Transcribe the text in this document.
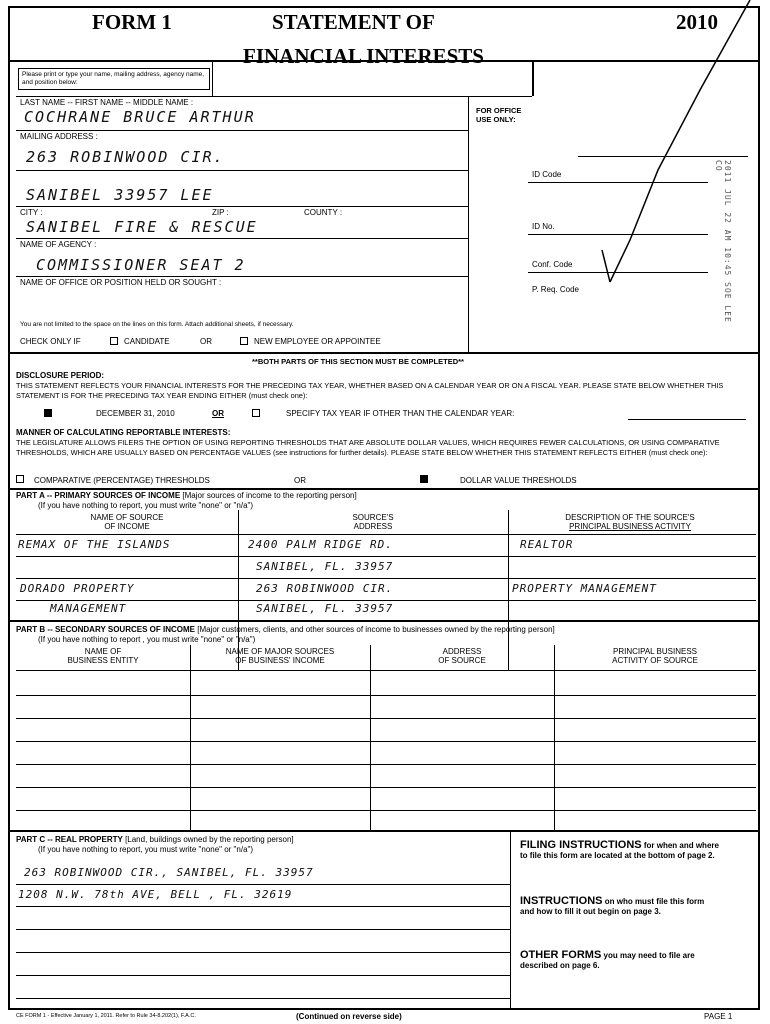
FORM 1	STATEMENT OF	2010
FINANCIAL INTERESTS
Please print or type your name, mailing address, agency name, and position below:
LAST NAME -- FIRST NAME -- MIDDLE NAME :
COCHRANE BRUCE ARTHUR
MAILING ADDRESS :
263 ROBINWOOD CIR.
SANIBEL 33957 LEE
CITY :	ZIP :	COUNTY :
SANIBEL FIRE & RESCUE
NAME OF AGENCY :
COMMISSIONER SEAT 2
NAME OF OFFICE OR POSITION HELD OR SOUGHT :
You are not limited to the space on the lines on this form. Attach additional sheets, if necessary.
CHECK ONLY IF	CANDIDATE	OR	NEW EMPLOYEE OR APPOINTEE
FOR OFFICE USE ONLY:
ID Code
ID No.
Conf. Code
P. Req. Code	2011 JUL 22 AM 10:45 SOE LEE CO
**BOTH PARTS OF THIS SECTION MUST BE COMPLETED**
DISCLOSURE PERIOD:
THIS STATEMENT REFLECTS YOUR FINANCIAL INTERESTS FOR THE PRECEDING TAX YEAR, WHETHER BASED ON A CALENDAR YEAR OR ON A FISCAL YEAR. PLEASE STATE BELOW WHETHER THIS STATEMENT IS FOR THE PRECEDING TAX YEAR ENDING EITHER (must check one):
DECEMBER 31, 2010	OR	SPECIFY TAX YEAR IF OTHER THAN THE CALENDAR YEAR:
MANNER OF CALCULATING REPORTABLE INTERESTS:
THE LEGISLATURE ALLOWS FILERS THE OPTION OF USING REPORTING THRESHOLDS THAT ARE ABSOLUTE DOLLAR VALUES, WHICH REQUIRES FEWER CALCULATIONS, OR USING COMPARATIVE THRESHOLDS, WHICH ARE USUALLY BASED ON PERCENTAGE VALUES (see instructions for further details). PLEASE STATE BELOW WHETHER THIS STATEMENT REFLECTS EITHER (must check one):
COMPARATIVE (PERCENTAGE) THRESHOLDS	OR	DOLLAR VALUE THRESHOLDS
PART A -- PRIMARY SOURCES OF INCOME [Major sources of income to the reporting person]
(If you have nothing to report, you must write "none" or "n/a")
NAME OF SOURCE
OF INCOME
SOURCE'S
ADDRESS
DESCRIPTION OF THE SOURCE'S
PRINCIPAL BUSINESS ACTIVITY
REMAX OF THE ISLANDS	2400 PALM RIDGE RD.	REALTOR
SANIBEL, FL. 33957
DORADO PROPERTY	263 ROBINWOOD CIR.	PROPERTY MANAGEMENT
MANAGEMENT	SANIBEL, FL. 33957
PART B -- SECONDARY SOURCES OF INCOME [Major customers, clients, and other sources of income to businesses owned by the reporting person]
(If you have nothing to report , you must write "none" or "n/a")
NAME OF
BUSINESS ENTITY
NAME OF MAJOR SOURCES
OF BUSINESS' INCOME
ADDRESS
OF SOURCE
PRINCIPAL BUSINESS
ACTIVITY OF SOURCE
PART C -- REAL PROPERTY [Land, buildings owned by the reporting person]
(If you have nothing to report, you must write "none" or "n/a")
263 ROBINWOOD CIR., SANIBEL, FL. 33957
1208 N.W. 78th AVE, BELL , FL. 32619
FILING INSTRUCTIONS for when and where to file this form are located at the bottom of page 2.
INSTRUCTIONS on who must file this form and how to fill it out begin on page 3.
OTHER FORMS you may need to file are described on page 6.
CE FORM 1 - Effective January 1, 2011. Refer to Rule 34-8.202(1), F.A.C.	(Continued on reverse side)	PAGE 1
